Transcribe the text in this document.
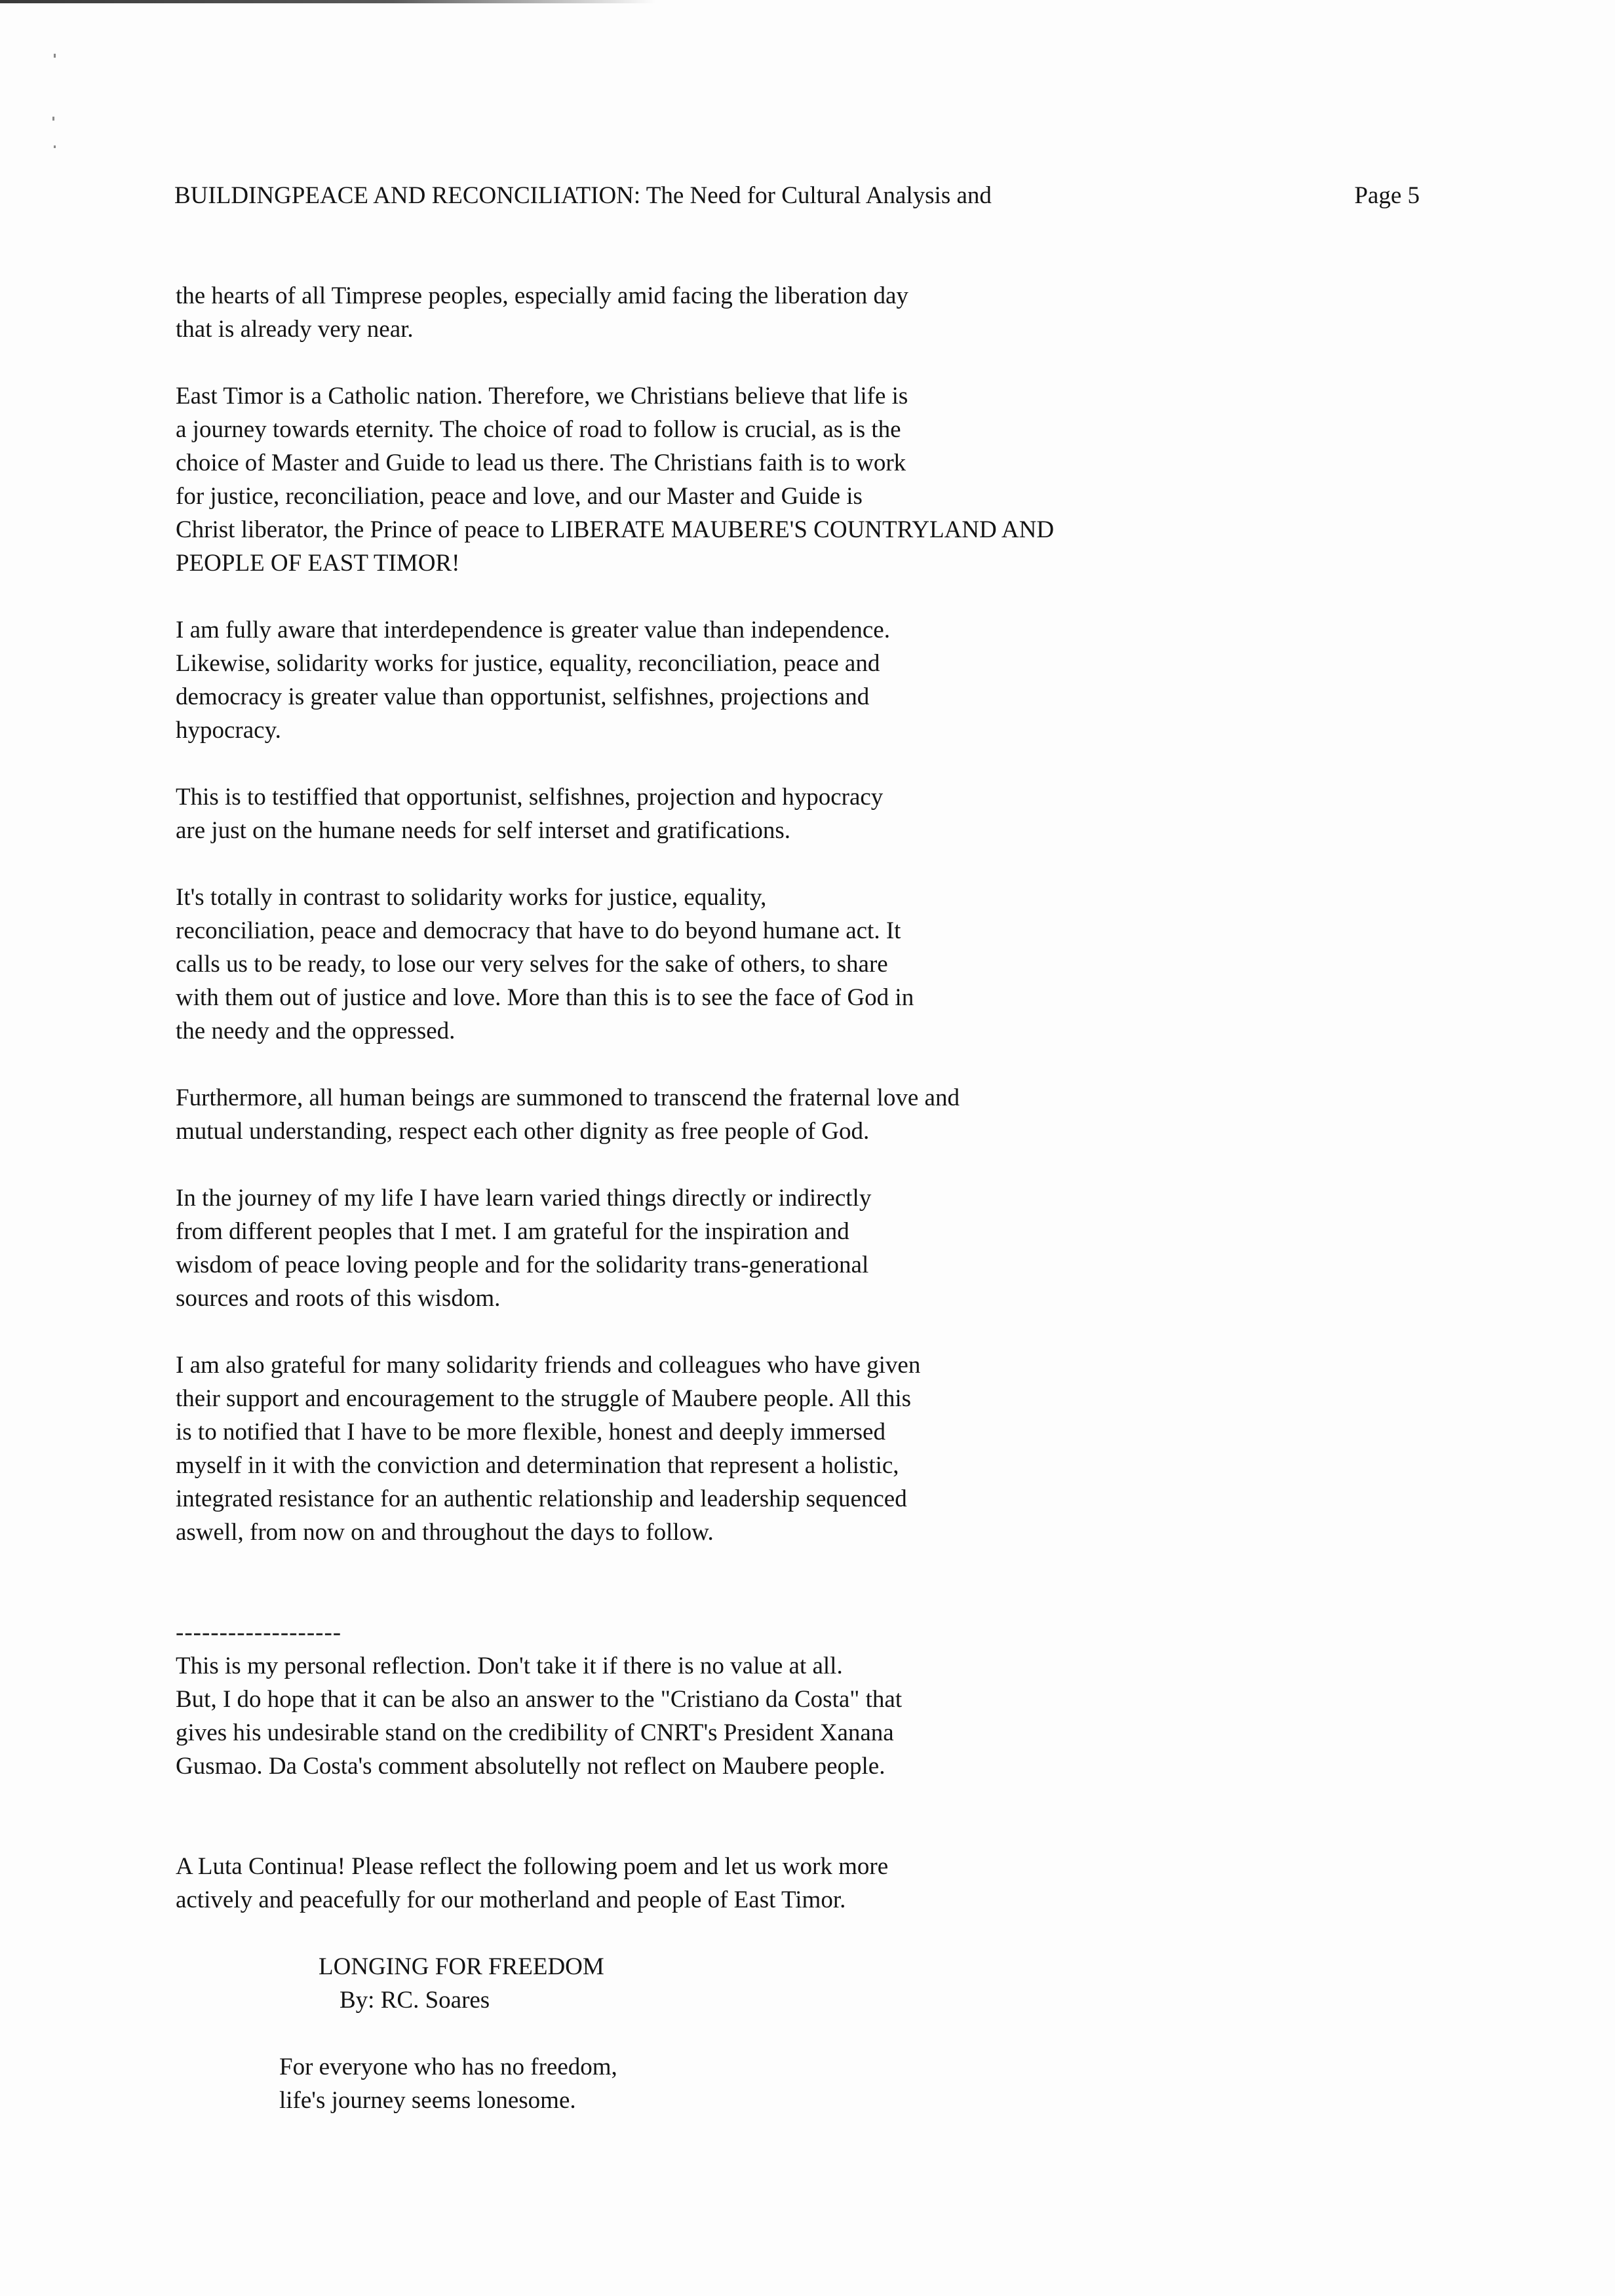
BUILDINGPEACE AND RECONCILIATION: The Need for Cultural Analysis and	Page 5

the hearts of all Timprese peoples, especially amid facing the liberation day
that is already very near.

East Timor is a Catholic nation. Therefore, we Christians believe that life is
a journey towards eternity. The choice of road to follow is crucial, as is the
choice of Master and Guide to lead us there. The Christians faith is to work
for justice, reconciliation, peace and love, and our Master and Guide is
Christ liberator, the Prince of peace to LIBERATE MAUBERE'S COUNTRYLAND AND
PEOPLE OF EAST TIMOR!

I am fully aware that interdependence is greater value than independence.
Likewise, solidarity works for justice, equality, reconciliation, peace and
democracy is greater value than opportunist, selfishnes, projections and
hypocracy.

This is to testiffied that opportunist, selfishnes, projection and hypocracy
are just on the humane needs for self interset and gratifications.

It's totally in contrast to solidarity works for justice, equality,
reconciliation, peace and democracy that have to do beyond humane act. It
calls us to be ready, to lose our very selves for the sake of others, to share
with them out of justice and love. More than this is to see the face of God in
the needy and the oppressed.

Furthermore, all human beings are summoned to transcend the fraternal love and
mutual understanding, respect each other dignity as free people of God.

In the journey of my life I have learn varied things directly or indirectly
from different peoples that I met. I am grateful for the inspiration and
wisdom of peace loving people and for the solidarity trans-generational
sources and roots of this wisdom.

I am also grateful for many solidarity friends and colleagues who have given
their support and encouragement to the struggle of Maubere people. All this
is to notified that I have to be more flexible, honest and deeply immersed
myself in it with the conviction and determination that represent a holistic,
integrated resistance for an authentic relationship and leadership sequenced
aswell, from now on and throughout the days to follow.

-------------------

This is my personal reflection. Don't take it if there is no value at all.
But, I do hope that it can be also an answer to the "Cristiano da Costa" that
gives his undesirable stand on the credibility of CNRT's President Xanana
Gusmao. Da Costa's comment absolutelly not reflect on Maubere people.

A Luta Continua! Please reflect the following poem and let us work more
actively and peacefully for our motherland and people of East Timor.

LONGING FOR FREEDOM
By: RC. Soares
For everyone who has no freedom,
life's journey seems lonesome.
